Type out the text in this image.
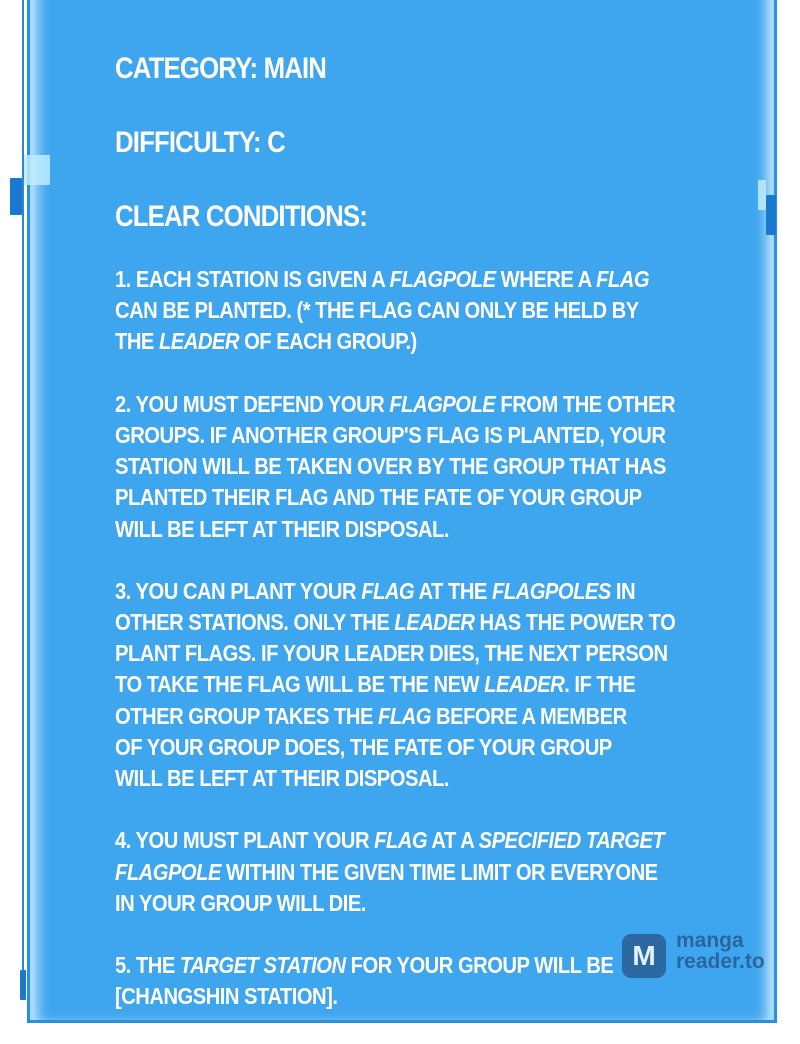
CATEGORY: MAIN
DIFFICULTY: C
CLEAR CONDITIONS:
1. EACH STATION IS GIVEN A FLAGPOLE WHERE A FLAG
CAN BE PLANTED. (* THE FLAG CAN ONLY BE HELD BY
THE LEADER OF EACH GROUP.)
2. YOU MUST DEFEND YOUR FLAGPOLE FROM THE OTHER
GROUPS. IF ANOTHER GROUP'S FLAG IS PLANTED, YOUR
STATION WILL BE TAKEN OVER BY THE GROUP THAT HAS
PLANTED THEIR FLAG AND THE FATE OF YOUR GROUP
WILL BE LEFT AT THEIR DISPOSAL.
3. YOU CAN PLANT YOUR FLAG AT THE FLAGPOLES IN
OTHER STATIONS. ONLY THE LEADER HAS THE POWER TO
PLANT FLAGS. IF YOUR LEADER DIES, THE NEXT PERSON
TO TAKE THE FLAG WILL BE THE NEW LEADER. IF THE
OTHER GROUP TAKES THE FLAG BEFORE A MEMBER
OF YOUR GROUP DOES, THE FATE OF YOUR GROUP
WILL BE LEFT AT THEIR DISPOSAL.
4. YOU MUST PLANT YOUR FLAG AT A SPECIFIED TARGET
FLAGPOLE WITHIN THE GIVEN TIME LIMIT OR EVERYONE
IN YOUR GROUP WILL DIE.
5. THE TARGET STATION FOR YOUR GROUP WILL BE
[CHANGSHIN STATION].
M manga
reader.to
